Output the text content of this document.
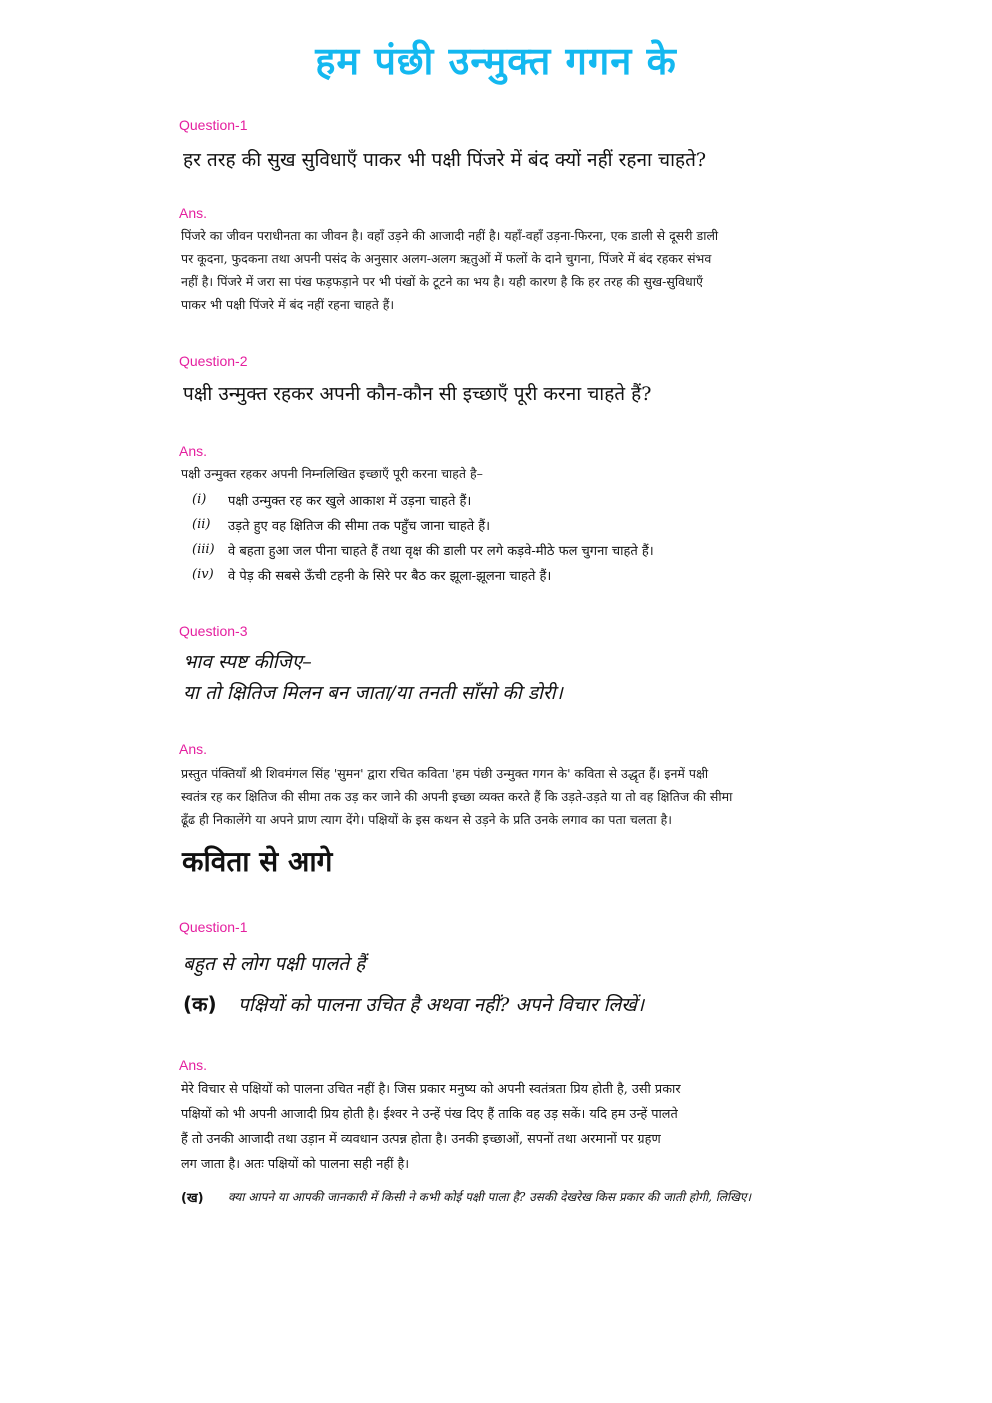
हम पंछी उन्मुक्त गगन के
Question-1
हर तरह की सुख सुविधाएँ पाकर भी पक्षी पिंजरे में बंद क्यों नहीं रहना चाहते?
Ans.

पिंजरे का जीवन पराधीनता का जीवन है। वहाँ उड़ने की आजादी नहीं है। यहाँ-वहाँ उड़ना-फिरना, एक डाली से दूसरी डाली

पर कूदना, फुदकना तथा अपनी पसंद के अनुसार अलग-अलग ऋतुओं में फलों के दाने चुगना, पिंजरे में बंद रहकर संभव

नहीं है। पिंजरे में जरा सा पंख फड़फड़ाने पर भी पंखों के टूटने का भय है। यही कारण है कि हर तरह की सुख-सुविधाएँ

पाकर भी पक्षी पिंजरे में बंद नहीं रहना चाहते हैं।

Question-2
पक्षी उन्मुक्त रहकर अपनी कौन-कौन सी इच्छाएँ पूरी करना चाहते हैं?
Ans.
पक्षी उन्मुक्त रहकर अपनी निम्नलिखित इच्छाएँ पूरी करना चाहते है–
(i)	पक्षी उन्मुक्त रह कर खुले आकाश में उड़ना चाहते हैं।
(ii)	उड़ते हुए वह क्षितिज की सीमा तक पहुँच जाना चाहते हैं।
(iii)	वे बहता हुआ जल पीना चाहते हैं तथा वृक्ष की डाली पर लगे कड़वे-मीठे फल चुगना चाहते हैं।
(iv)	वे पेड़ की सबसे ऊँची टहनी के सिरे पर बैठ कर झूला-झूलना चाहते हैं।
Question-3
भाव स्पष्ट कीजिए–
या तो क्षितिज मिलन बन जाता/या तनती साँसो की डोरी।
Ans.

प्रस्तुत पंक्तियाँ श्री शिवमंगल सिंह 'सुमन' द्वारा रचित कविता 'हम पंछी उन्मुक्त गगन के' कविता से उद्धृत हैं। इनमें पक्षी

स्वतंत्र रह कर क्षितिज की सीमा तक उड़ कर जाने की अपनी इच्छा व्यक्त करते हैं कि उड़ते-उड़ते या तो वह क्षितिज की सीमा

ढूँढ ही निकालेंगे या अपने प्राण त्याग देंगे। पक्षियों के इस कथन से उड़ने के प्रति उनके लगाव का पता चलता है।

कविता से आगे
Question-1
बहुत से लोग पक्षी पालते हैं
(क)	पक्षियों को पालना उचित है अथवा नहीं? अपने विचार लिखें।
Ans.

मेरे विचार से पक्षियों को पालना उचित नहीं है। जिस प्रकार मनुष्य को अपनी स्वतंत्रता प्रिय होती है, उसी प्रकार

पक्षियों को भी अपनी आजादी प्रिय होती है। ईश्वर ने उन्हें पंख दिए हैं ताकि वह उड़ सकें। यदि हम उन्हें पालते

हैं तो उनकी आजादी तथा उड़ान में व्यवधान उत्पन्न होता है। उनकी इच्छाओं, सपनों तथा अरमानों पर ग्रहण

लग जाता है। अतः पक्षियों को पालना सही नहीं है।

(ख)	क्या आपने या आपकी जानकारी में किसी ने कभी कोई पक्षी पाला है? उसकी देखरेख किस प्रकार की जाती होगी, लिखिए।
